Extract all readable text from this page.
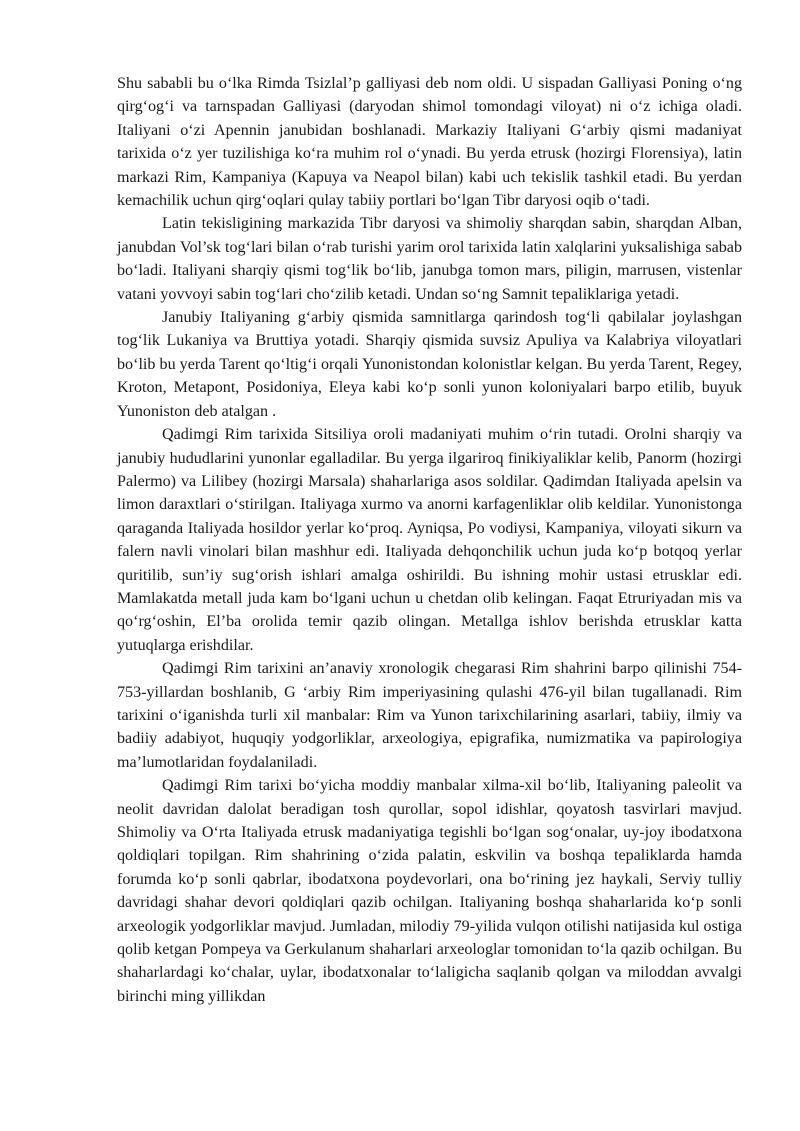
Shu sababli bu o‘lka Rimda Tsizlal’p galliyasi deb nom oldi. U sispadan Galliyasi Poning o‘ng qirg‘og‘i va tarnspadan Galliyasi (daryodan shimol tomondagi viloyat) ni o‘z ichiga oladi. Italiyani o‘zi Apennin janubidan boshlanadi. Markaziy Italiyani G‘arbiy qismi madaniyat tarixida o‘z yer tuzilishiga ko‘ra muhim rol o‘ynadi. Bu yerda etrusk (hozirgi Florensiya), latin markazi Rim, Kampaniya (Kapuya va Neapol bilan) kabi uch tekislik tashkil etadi. Bu yerdan kemachilik uchun qirg‘oqlari qulay tabiiy portlari bo‘lgan Tibr daryosi oqib o‘tadi.

Latin tekisligining markazida Tibr daryosi va shimoliy sharqdan sabin, sharqdan Alban, janubdan Vol’sk tog‘lari bilan o‘rab turishi yarim orol tarixida latin xalqlarini yuksalishiga sabab bo‘ladi. Italiyani sharqiy qismi tog‘lik bo‘lib, janubga tomon mars, piligin, marrusen, vistenlar vatani yovvoyi sabin tog‘lari cho‘zilib ketadi. Undan so‘ng Samnit tepaliklariga yetadi.

Janubiy Italiyaning g‘arbiy qismida samnitlarga qarindosh tog‘li qabilalar joylashgan tog‘lik Lukaniya va Bruttiya yotadi. Sharqiy qismida suvsiz Apuliya va Kalabriya viloyatlari bo‘lib bu yerda Tarent qo‘ltig‘i orqali Yunonistondan kolonistlar kelgan. Bu yerda Tarent, Regey, Kroton, Metapont, Posidoniya, Eleya kabi ko‘p sonli yunon koloniyalari barpo etilib, buyuk Yunoniston deb atalgan .

Qadimgi Rim tarixida Sitsiliya oroli madaniyati muhim o‘rin tutadi. Orolni sharqiy va janubiy hududlarini yunonlar egalladilar. Bu yerga ilgariroq finikiyaliklar kelib, Panorm (hozirgi Palermo) va Lilibey (hozirgi Marsala) shaharlariga asos soldilar. Qadimdan Italiyada apelsin va limon daraxtlari o‘stirilgan. Italiyaga xurmo va anorni karfagenliklar olib keldilar. Yunonistonga qaraganda Italiyada hosildor yerlar ko‘proq. Ayniqsa, Po vodiysi, Kampaniya, viloyati sikurn va falern navli vinolari bilan mashhur edi. Italiyada dehqonchilik uchun juda ko‘p botqoq yerlar quritilib, sun’iy sug‘orish ishlari amalga oshirildi. Bu ishning mohir ustasi etrusklar edi. Mamlakatda metall juda kam bo‘lgani uchun u chetdan olib kelingan. Faqat Etruriyadan mis va qo‘rg‘oshin, El’ba orolida temir qazib olingan. Metallga ishlov berishda etrusklar katta yutuqlarga erishdilar.

Qadimgi Rim tarixini an’anaviy xronologik chegarasi Rim shahrini barpo qilinishi 754-753-yillardan boshlanib, G ‘arbiy Rim imperiyasining qulashi 476-yil bilan tugallanadi. Rim tarixini o‘iganishda turli xil manbalar: Rim va Yunon tarixchilarining asarlari, tabiiy, ilmiy va badiiy adabiyot, huquqiy yodgorliklar, arxeologiya, epigrafika, numizmatika va papirologiya ma’lumotlaridan foydalaniladi.

Qadimgi Rim tarixi bo‘yicha moddiy manbalar xilma-xil bo‘lib, Italiyaning paleolit va neolit davridan dalolat beradigan tosh qurollar, sopol idishlar, qoyatosh tasvirlari mavjud. Shimoliy va O‘rta Italiyada etrusk madaniyatiga tegishli bo‘lgan sog‘onalar, uy-joy ibodatxona qoldiqlari topilgan. Rim shahrining o‘zida palatin, eskvilin va boshqa tepaliklarda hamda forumda ko‘p sonli qabrlar, ibodatxona poydevorlari, ona bo‘rining jez haykali, Serviy tulliy davridagi shahar devori qoldiqlari qazib ochilgan. Italiyaning boshqa shaharlarida ko‘p sonli arxeologik yodgorliklar mavjud. Jumladan, milodiy 79-yilida vulqon otilishi natijasida kul ostiga qolib ketgan Pompeya va Gerkulanum shaharlari arxeologlar tomonidan to‘la qazib ochilgan. Bu shaharlardagi ko‘chalar, uylar, ibodatxonalar to‘laligicha saqlanib qolgan va miloddan avvalgi birinchi ming yillikdan
